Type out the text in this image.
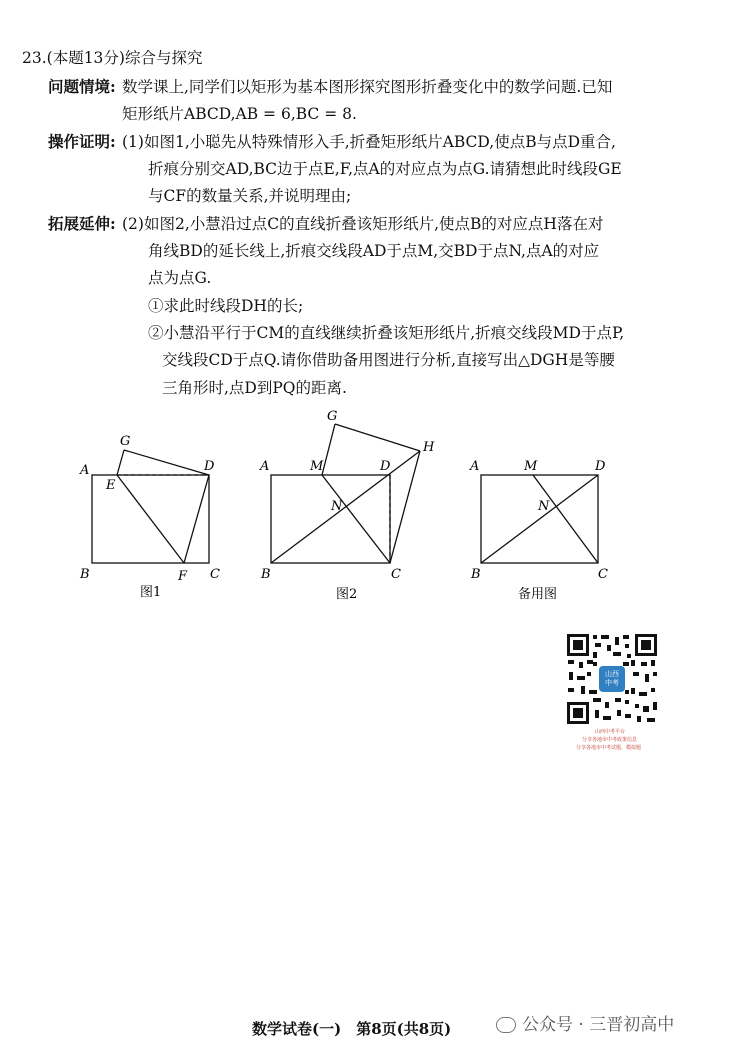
23.(本题13分)综合与探究
问题情境: 数学课上,同学们以矩形为基本图形探究图形折叠变化中的数学问题.已知
矩形纸片ABCD,AB = 6,BC = 8.
操作证明: (1)如图1,小聪先从特殊情形入手,折叠矩形纸片ABCD,使点B与点D重合,
折痕分别交AD,BC边于点E,F,点A的对应点为点G.请猜想此时线段GE
与CF的数量关系,并说明理由;
拓展延伸: (2)如图2,小慧沿过点C的直线折叠该矩形纸片,使点B的对应点H落在对
角线BD的延长线上,折痕交线段AD于点M,交BD于点N,点A的对应
点为点G.
①求此时线段DH的长;
②小慧沿平行于CM的直线继续折叠该矩形纸片,折痕交线段MD于点P,
交线段CD于点Q.请你借助备用图进行分析,直接写出△DGH是等腰
三角形时,点D到PQ的距离.
A
B	C
D
E
F
G
图1
A
B	C
D
M
N
G
H
图2
A
B	C
D
M
N
备用图
山西
中考
山西中考平台
分享各地市中考政策信息
分享各地市中考试题、模拟题
数学试卷(一)　第8页(共8页)	公众号 · 三晋初高中
